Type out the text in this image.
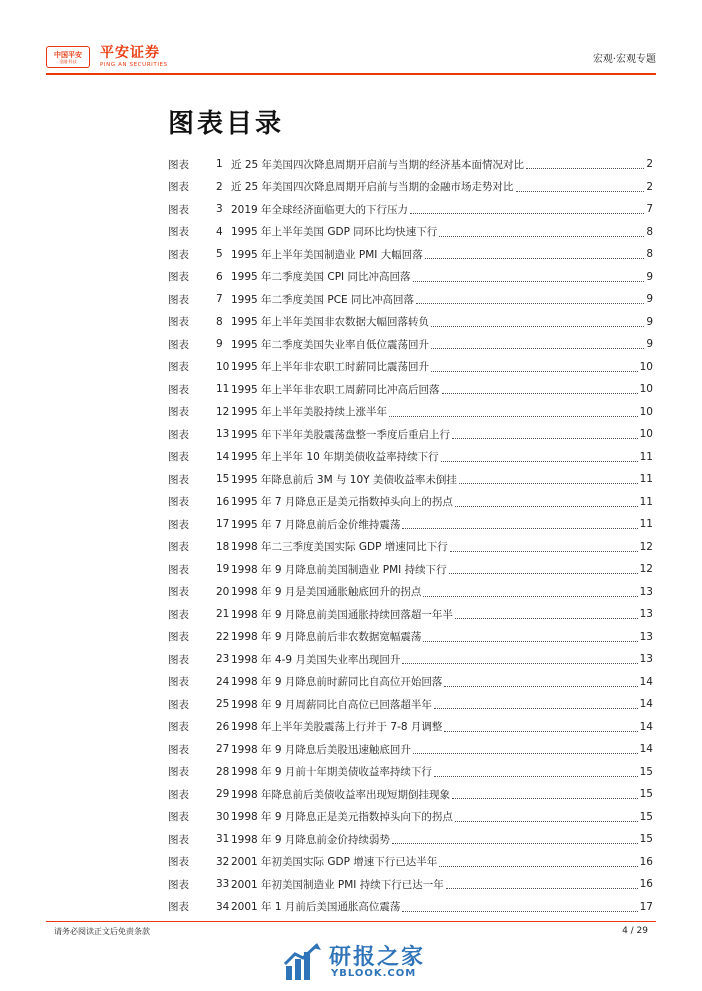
中国平安
金融·科技 平安证券
PING AN SECURITIES	宏观·宏观专题
图表目录
图表	1 近 25 年美国四次降息周期开启前与当期的经济基本面情况对比	2
图表	2 近 25 年美国四次降息周期开启前与当期的金融市场走势对比	2
图表	3 2019 年全球经济面临更大的下行压力	7
图表	4 1995 年上半年美国 GDP 同环比均快速下行	8
图表	5 1995 年上半年美国制造业 PMI 大幅回落	8
图表	6 1995 年二季度美国 CPI 同比冲高回落	9
图表	7 1995 年二季度美国 PCE 同比冲高回落	9
图表	8 1995 年上半年美国非农数据大幅回落转负	9
图表	9 1995 年二季度美国失业率自低位震荡回升	9
图表	10 1995 年上半年非农职工时薪同比震荡回升	10
图表	11 1995 年上半年非农职工周薪同比冲高后回落	10
图表	12 1995 年上半年美股持续上涨半年	10
图表	13 1995 年下半年美股震荡盘整一季度后重启上行	10
图表	14 1995 年上半年 10 年期美债收益率持续下行	11
图表	15 1995 年降息前后 3M 与 10Y 美债收益率未倒挂	11
图表	16 1995 年 7 月降息正是美元指数掉头向上的拐点	11
图表	17 1995 年 7 月降息前后金价维持震荡	11
图表	18 1998 年二三季度美国实际 GDP 增速同比下行	12
图表	19 1998 年 9 月降息前美国制造业 PMI 持续下行	12
图表	20 1998 年 9 月是美国通胀触底回升的拐点	13
图表	21 1998 年 9 月降息前美国通胀持续回落超一年半	13
图表	22 1998 年 9 月降息前后非农数据宽幅震荡	13
图表	23 1998 年 4-9 月美国失业率出现回升	13
图表	24 1998 年 9 月降息前时薪同比自高位开始回落	14
图表	25 1998 年 9 月周薪同比自高位已回落超半年	14
图表	26 1998 年上半年美股震荡上行并于 7-8 月调整	14
图表	27 1998 年 9 月降息后美股迅速触底回升	14
图表	28 1998 年 9 月前十年期美债收益率持续下行	15
图表	29 1998 年降息前后美债收益率出现短期倒挂现象	15
图表	30 1998 年 9 月降息正是美元指数掉头向下的拐点	15
图表	31 1998 年 9 月降息前金价持续弱势	15
图表	32 2001 年初美国实际 GDP 增速下行已达半年	16
图表	33 2001 年初美国制造业 PMI 持续下行已达一年	16
图表	34 2001 年 1 月前后美国通胀高位震荡	17
请务必阅读正文后免责条款	4 / 29
研报之家
YBLOOK.COM
